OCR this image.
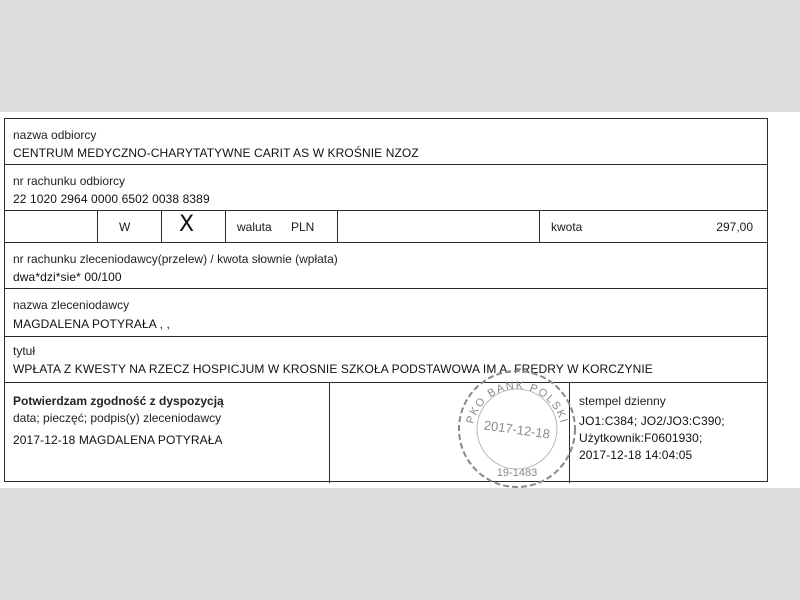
nazwa odbiorcy
CENTRUM MEDYCZNO-CHARYTATYWNE CARIT AS W KROŚNIE NZOZ
nr rachunku odbiorcy
22 1020 2964 0000 6502 0038 8389
W X	waluta PLN	kwota	297,00
nr rachunku zleceniodawcy(przelew) / kwota słownie (wpłata)
dwa*dzi*sie* 00/100
nazwa zleceniodawcy
MAGDALENA POTYRAŁA , ,
tytuł
WPŁATA Z KWESTY NA RZECZ HOSPICJUM W KROSNIE SZKOŁA PODSTAWOWA IM A. FREDRY W KORCZYNIE
Potwierdzam zgodność z dyspozycją
data; pieczęć; podpis(y) zleceniodawcy
2017-12-18 MAGDALENA POTYRAŁA
stempel dzienny
JO1:C384; JO2/JO3:C390;
Użytkownik:F0601930;
2017-12-18 14:04:05
PKO BANK POLSKI
2017-12-18
19-1483
